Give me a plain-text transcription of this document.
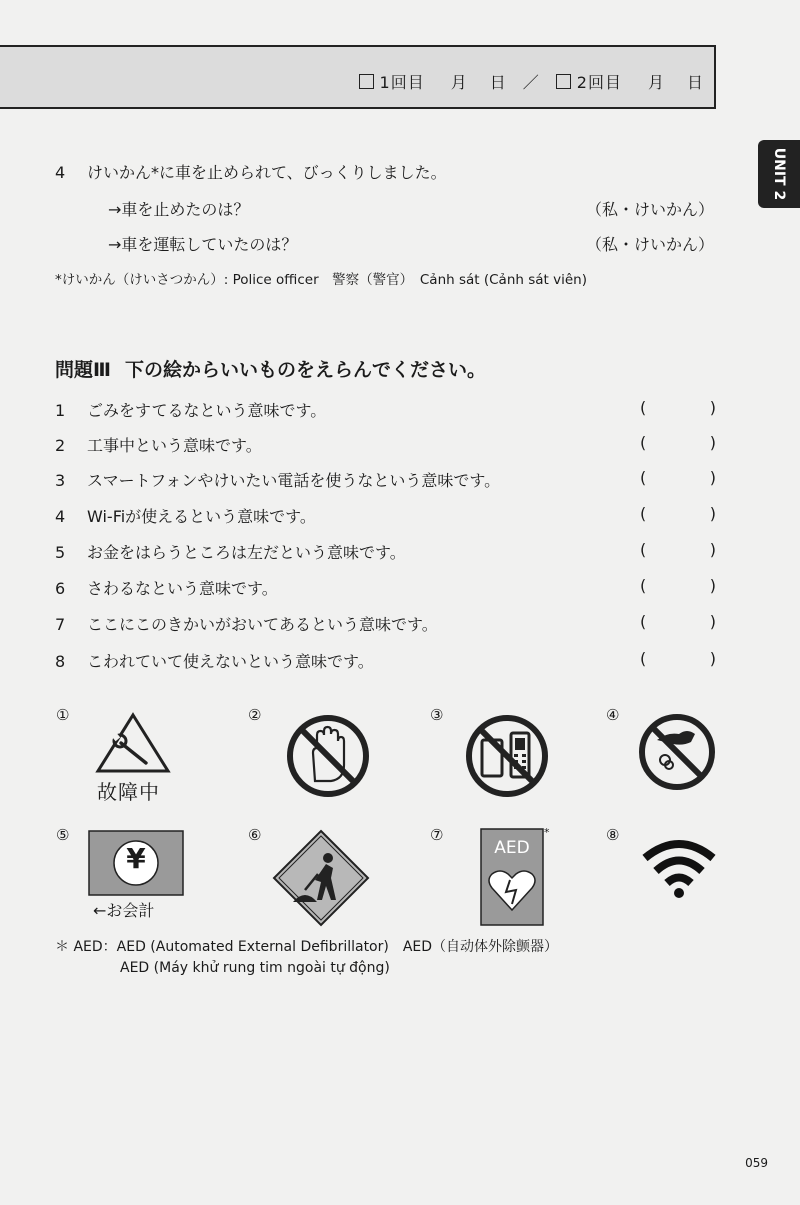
1回目 月 日 ／ 2回目 月 日
UNIT 2
4 けいかん*に車を止められて、びっくりしました。
→車を止めたのは？	（私・けいかん）
→車を運転していたのは？	（私・けいかん）
*けいかん（けいさつかん）: Police officer　警察（警官）　Cảnh sát (Cảnh sát viên)
問題Ⅲ 下の絵からいいものをえらんでください。
1 ごみをすてるなという意味です。	(	)
2 工事中という意味です。	(	)
3 スマートフォンやけいたい電話を使うなという意味です。	(	)
4 Wi-Fiが使えるという意味です。	(	)
5 お金をはらうところは左だという意味です。	(	)
6 さわるなという意味です。	(	)
7 ここにこのきかいがおいてあるという意味です。	(	)
8 こわれていて使えないという意味です。	(	)
①	②	③	④
⑤	⑥	⑦	⑧
故障中
¥
←お会計
AED
*
＊ AED：AED (Automated External Defibrillator)　AED（自动体外除颤器）
AED (Máy khử rung tim ngoài tự động)
059
